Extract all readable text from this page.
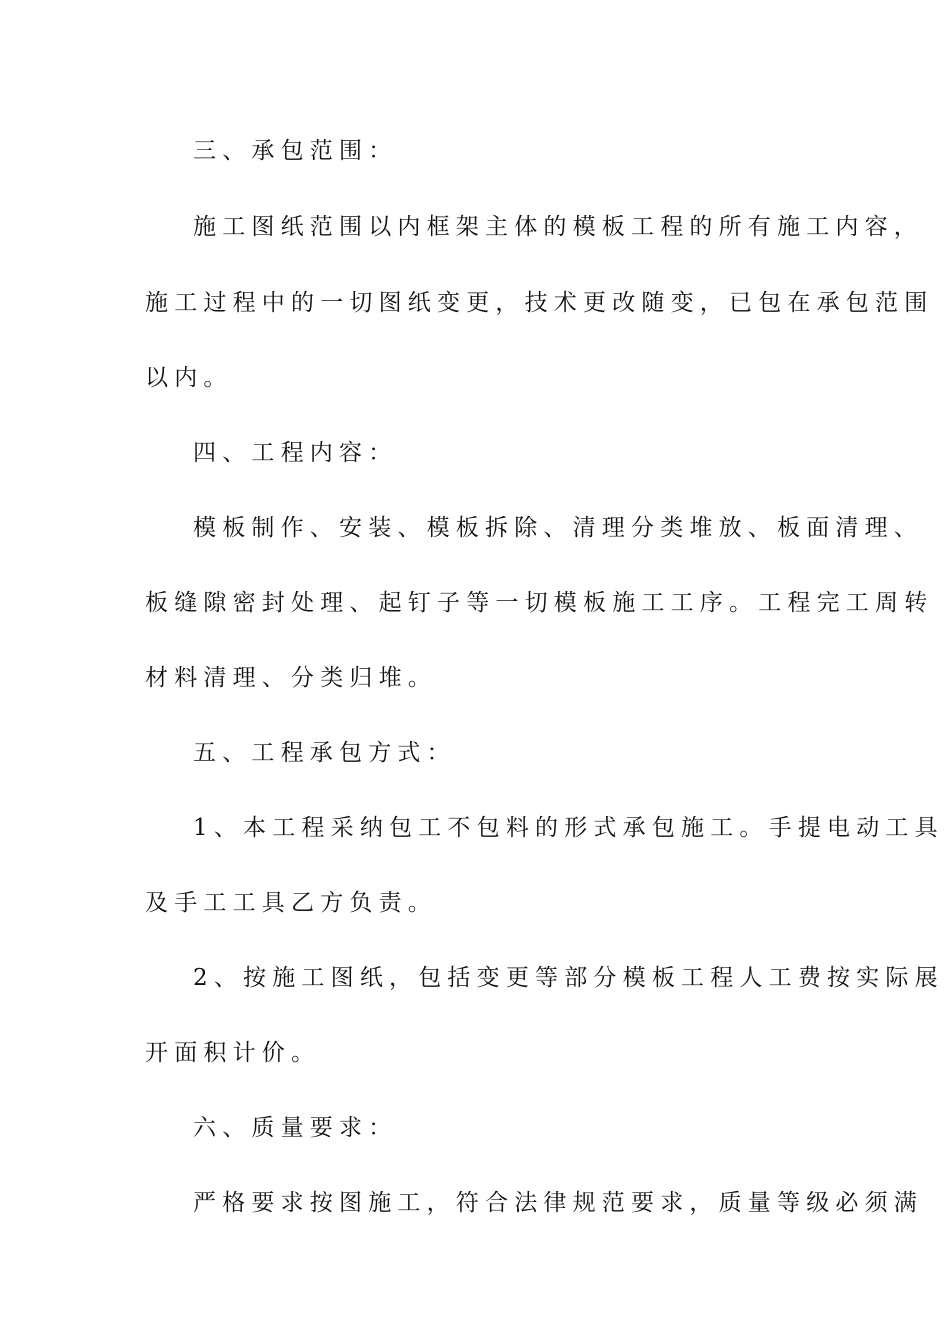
三、承包范围：
施工图纸范围以内框架主体的模板工程的所有施工内容，
施工过程中的一切图纸变更，技术更改随变，已包在承包范围
以内。
四、工程内容：
模板制作、安装、模板拆除、清理分类堆放、板面清理、
板缝隙密封处理、起钉子等一切模板施工工序。工程完工周转
材料清理、分类归堆。
五、工程承包方式：
1、本工程采纳包工不包料的形式承包施工。手提电动工具
及手工工具乙方负责。
2、按施工图纸，包括变更等部分模板工程人工费按实际展
开面积计价。
六、质量要求：
严格要求按图施工，符合法律规范要求，质量等级必须满
